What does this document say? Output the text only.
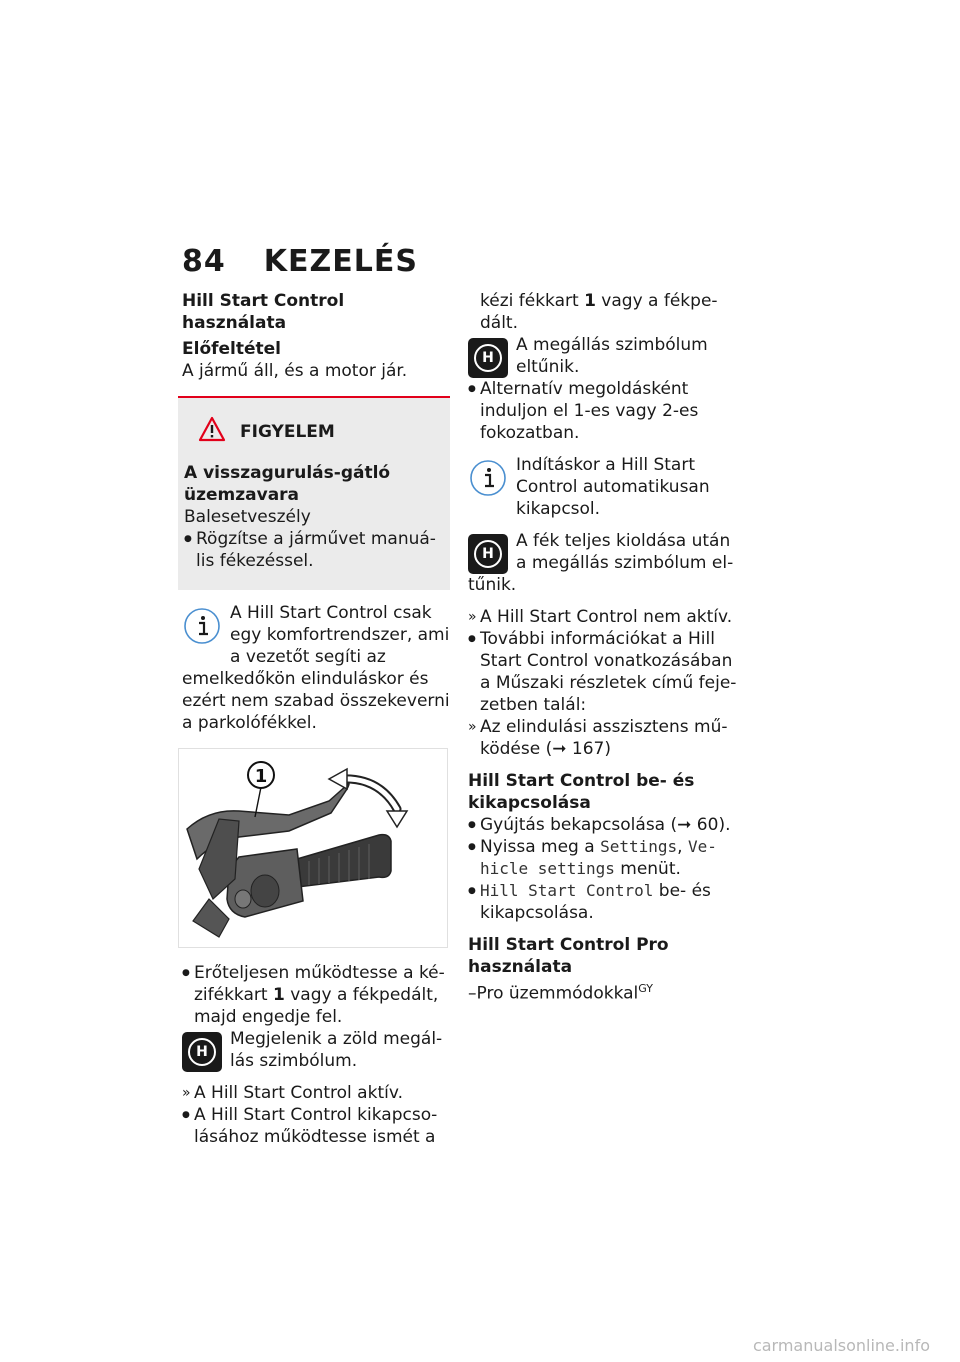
84 KEZELÉS

Hill Start Control használata

Előfeltétel

A jármű áll, és a motor jár.

FIGYELEM

A visszagurulás-gátló üzemzavara

Balesetveszély

● Rögzítse a járművet manuális fékezéssel.

A Hill Start Control csak egy komfortrendszer, ami a vezetőt segíti az emelkedőkön elinduláskor és ezért nem szabad összekeverni a parkolófékkel.

1

● Erőteljesen működtesse a kézifékkart 1 vagy a fékpedált, majd engedje fel.

H

Megjelenik a zöld megállás szimbólum.

» A Hill Start Control aktív.

● A Hill Start Control kikapcsolásához működtesse ismét a

kézi fékkart 1 vagy a fékpedált.

H

A megállás szimbólum eltűnik.

● Alternatív megoldásként induljon el 1-es vagy 2-es fokozatban.

Indításkor a Hill Start Control automatikusan kikapcsol.

H

A fék teljes kioldása után a megállás szimbólum eltűnik.

» A Hill Start Control nem aktív.

● További információkat a Hill Start Control vonatkozásában a Műszaki részletek című fejezetben talál:

» Az elindulási asszisztens működése (➞ 167)

Hill Start Control be- és kikapcsolása

● Gyújtás bekapcsolása (➞ 60).

● Nyissa meg a Settings, Vehicle settings menüt.

● Hill Start Control be- és kikapcsolása.

Hill Start Control Pro használata

–Pro üzemmódokkal$^{GY}$

carmanualsonline.info
